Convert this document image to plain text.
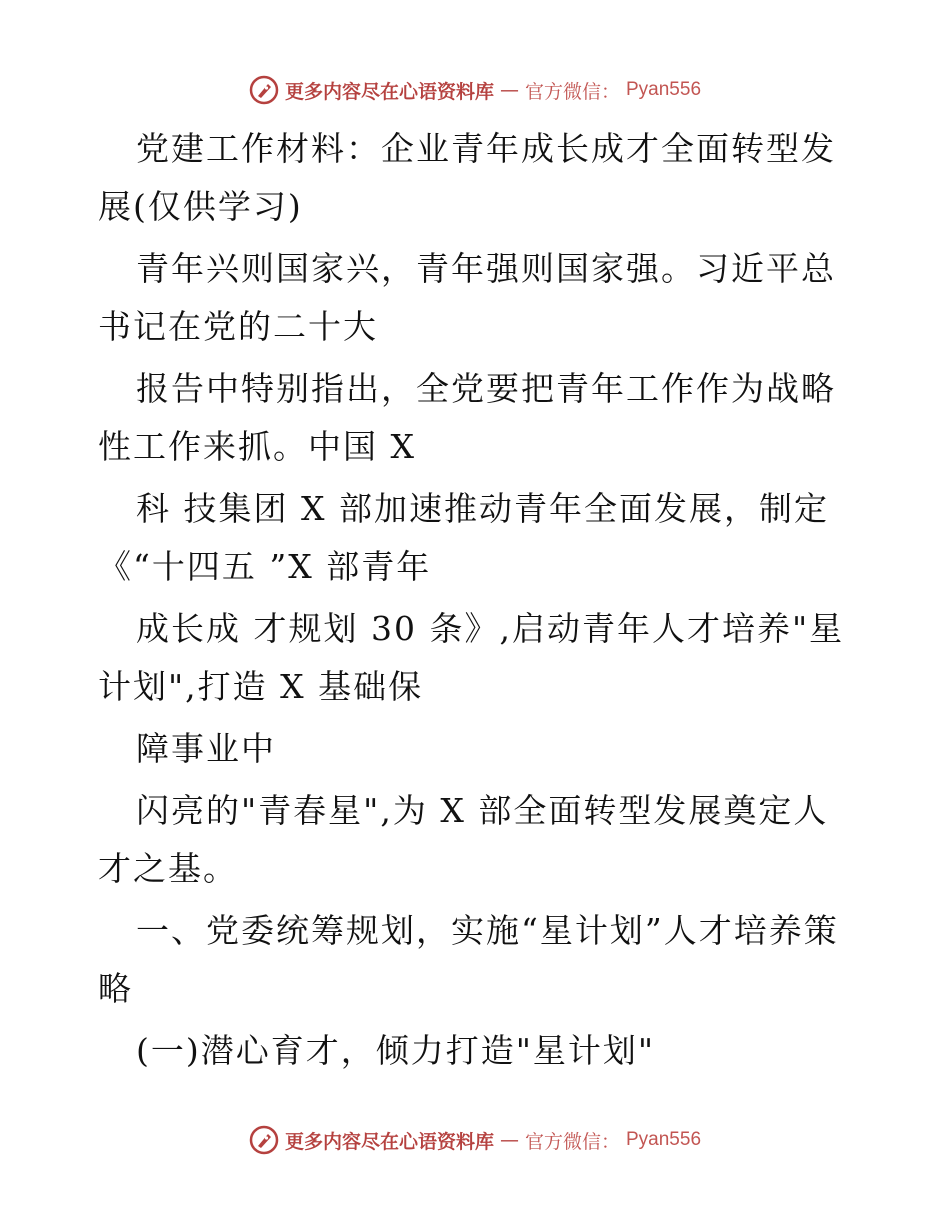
更多内容尽在心语资料库 — 官方微信： Pyan556

党建工作材料：企业青年成长成才全面转型发展(仅供学习)

青年兴则国家兴，青年强则国家强。习近平总书记在党的二十大

报告中特别指出，全党要把青年工作作为战略性工作来抓。中国 X

科 技集团 X 部加速推动青年全面发展，制定《“十四五 ”X 部青年

成长成 才规划 30 条》,启动青年人才培养"星计划",打造 X 基础保

障事业中

闪亮的"青春星",为 X 部全面转型发展奠定人才之基。

一、党委统筹规划，实施“星计划”人才培养策略

(一)潜心育才，倾力打造"星计划"

更多内容尽在心语资料库 — 官方微信： Pyan556
